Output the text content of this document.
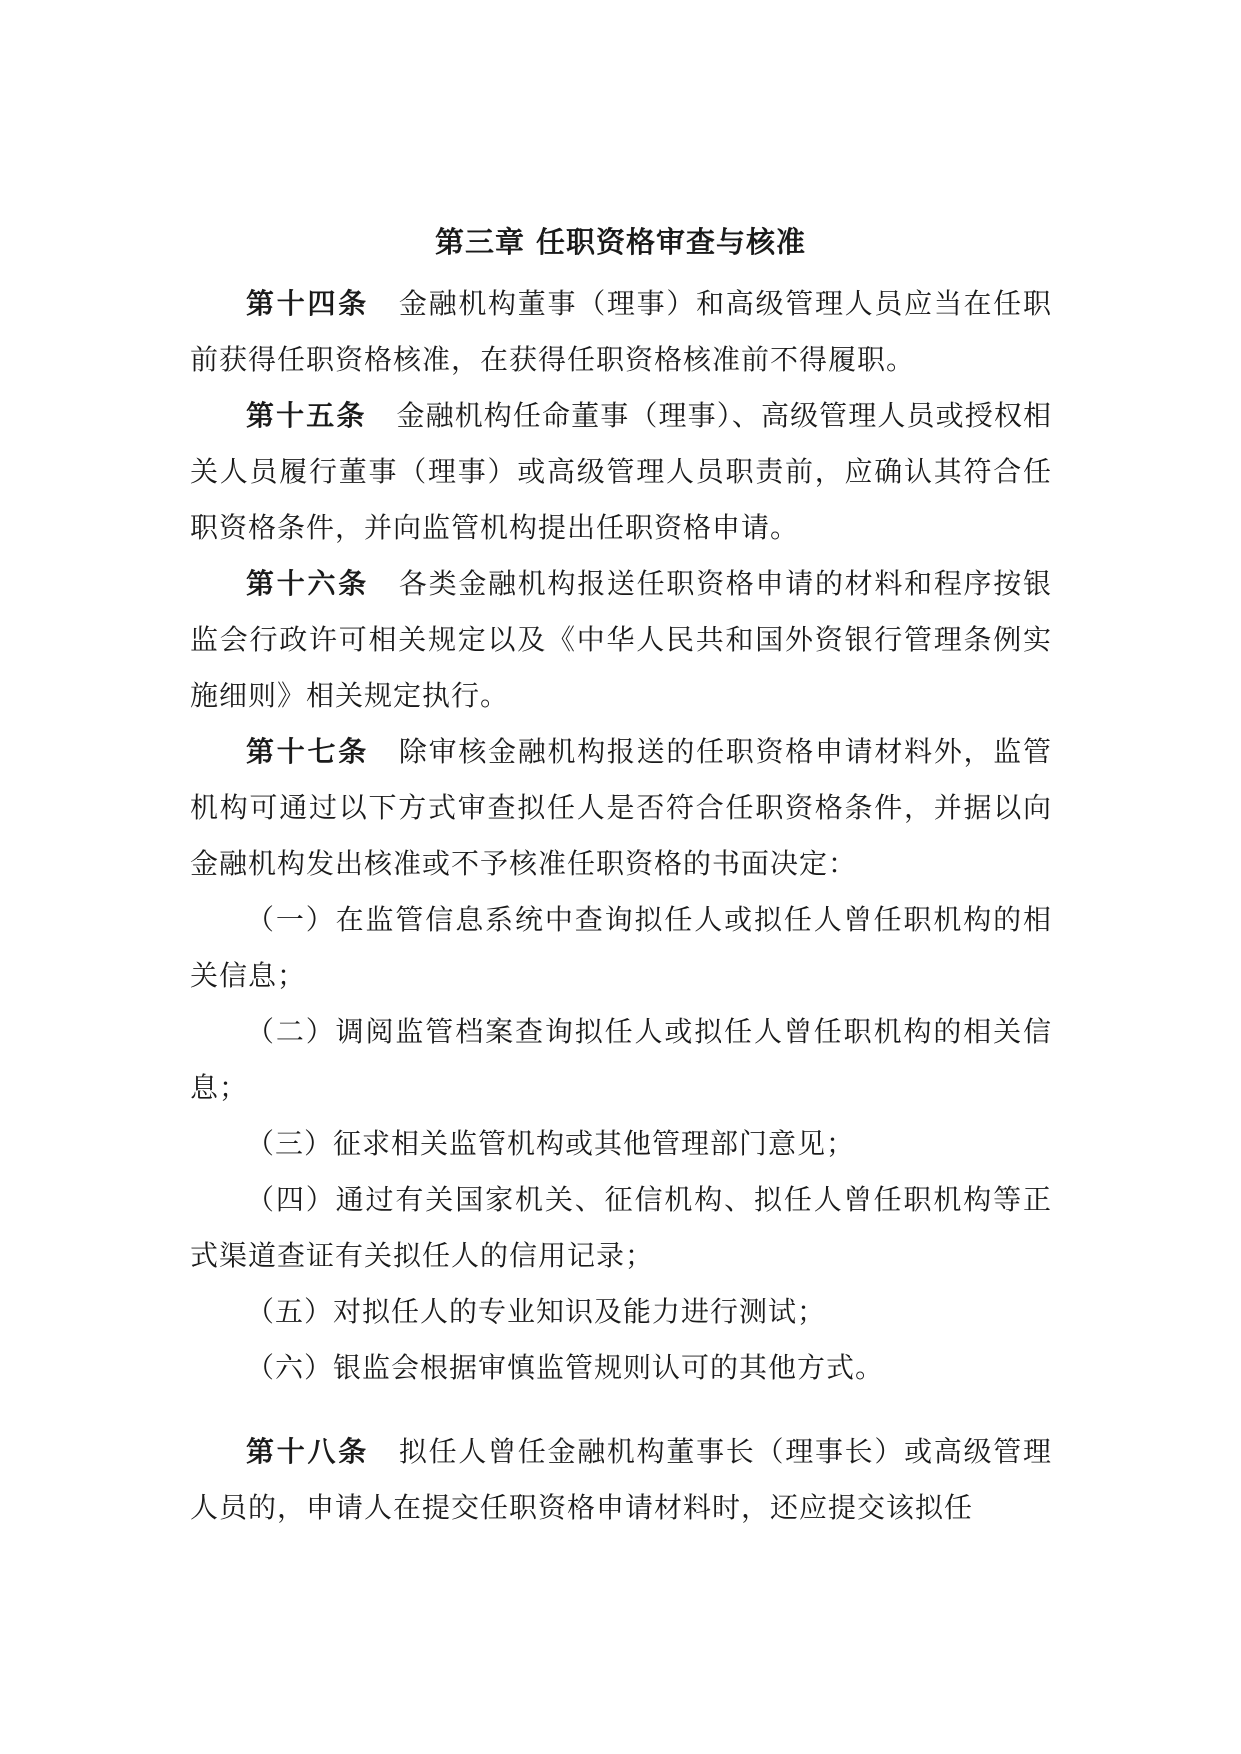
第三章 任职资格审查与核准

第十四条 金融机构董事（理事）和高级管理人员应当在任职前获得任职资格核准，在获得任职资格核准前不得履职。

第十五条 金融机构任命董事（理事）、高级管理人员或授权相关人员履行董事（理事）或高级管理人员职责前，应确认其符合任职资格条件，并向监管机构提出任职资格申请。

第十六条 各类金融机构报送任职资格申请的材料和程序按银监会行政许可相关规定以及《中华人民共和国外资银行管理条例实施细则》相关规定执行。

第十七条 除审核金融机构报送的任职资格申请材料外，监管机构可通过以下方式审查拟任人是否符合任职资格条件，并据以向金融机构发出核准或不予核准任职资格的书面决定：

（一）在监管信息系统中查询拟任人或拟任人曾任职机构的相关信息；

（二）调阅监管档案查询拟任人或拟任人曾任职机构的相关信息；

（三）征求相关监管机构或其他管理部门意见；

（四）通过有关国家机关、征信机构、拟任人曾任职机构等正式渠道查证有关拟任人的信用记录；

（五）对拟任人的专业知识及能力进行测试；

（六）银监会根据审慎监管规则认可的其他方式。

第十八条 拟任人曾任金融机构董事长（理事长）或高级管理人员的，申请人在提交任职资格申请材料时，还应提交该拟任
